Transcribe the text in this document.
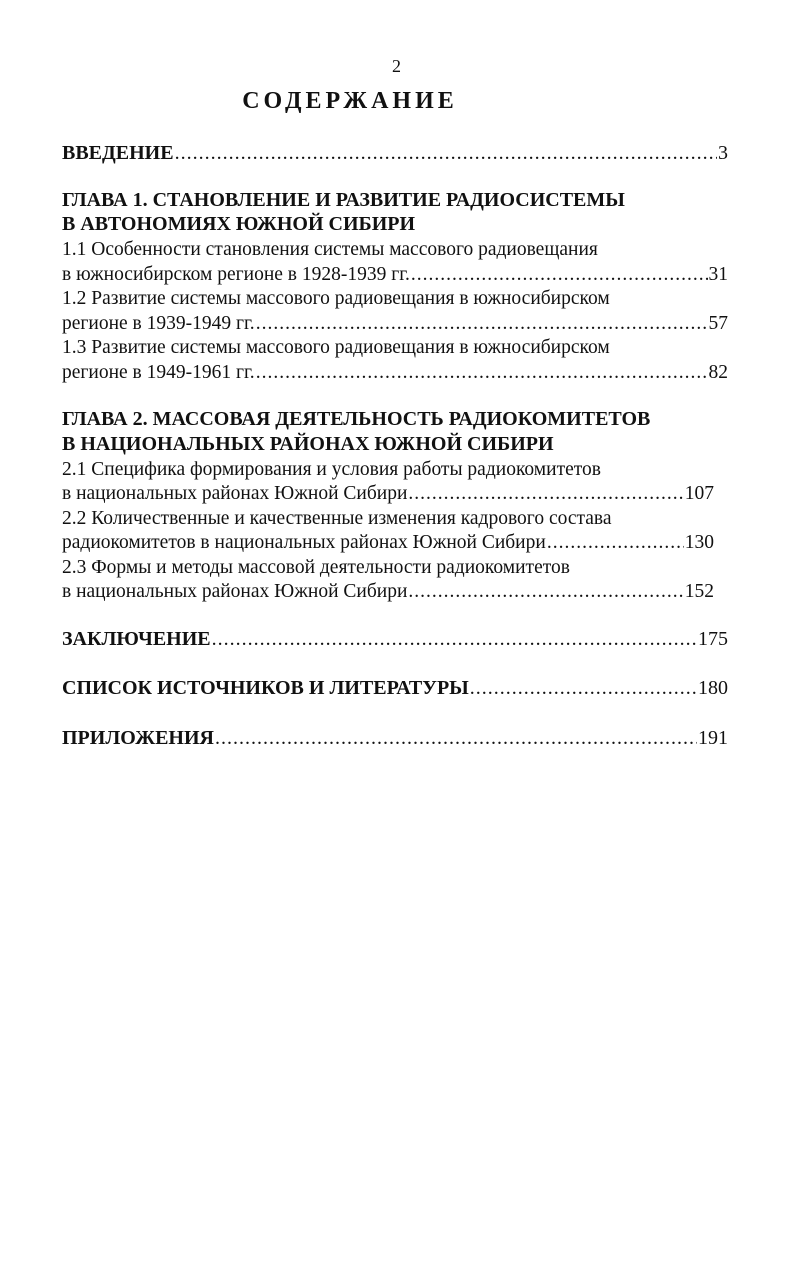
2
СОДЕРЖАНИЕ
ВВЕДЕНИЕ .....	3
ГЛАВА 1. СТАНОВЛЕНИЕ И РАЗВИТИЕ РАДИОСИСТЕМЫ
В АВТОНОМИЯХ ЮЖНОЙ СИБИРИ
1.1 Особенности становления системы массового радиовещания
в южносибирском регионе в 1928-1939 гг. .....	31
1.2 Развитие системы массового радиовещания в южносибирском
регионе в 1939-1949 гг. .....	57
1.3 Развитие системы массового радиовещания в южносибирском
регионе в 1949-1961 гг. .....	82
ГЛАВА 2. МАССОВАЯ ДЕЯТЕЛЬНОСТЬ РАДИОКОМИТЕТОВ
В НАЦИОНАЛЬНЫХ РАЙОНАХ ЮЖНОЙ СИБИРИ
2.1 Специфика формирования и условия работы радиокомитетов
в национальных районах Южной Сибири .....	107
2.2 Количественные и качественные изменения кадрового состава
радиокомитетов в национальных районах Южной Сибири .....	130
2.3 Формы и методы массовой деятельности радиокомитетов
в национальных районах Южной Сибири .....	152
ЗАКЛЮЧЕНИЕ .....	175
СПИСОК ИСТОЧНИКОВ И ЛИТЕРАТУРЫ .....	180
ПРИЛОЖЕНИЯ .....	191
